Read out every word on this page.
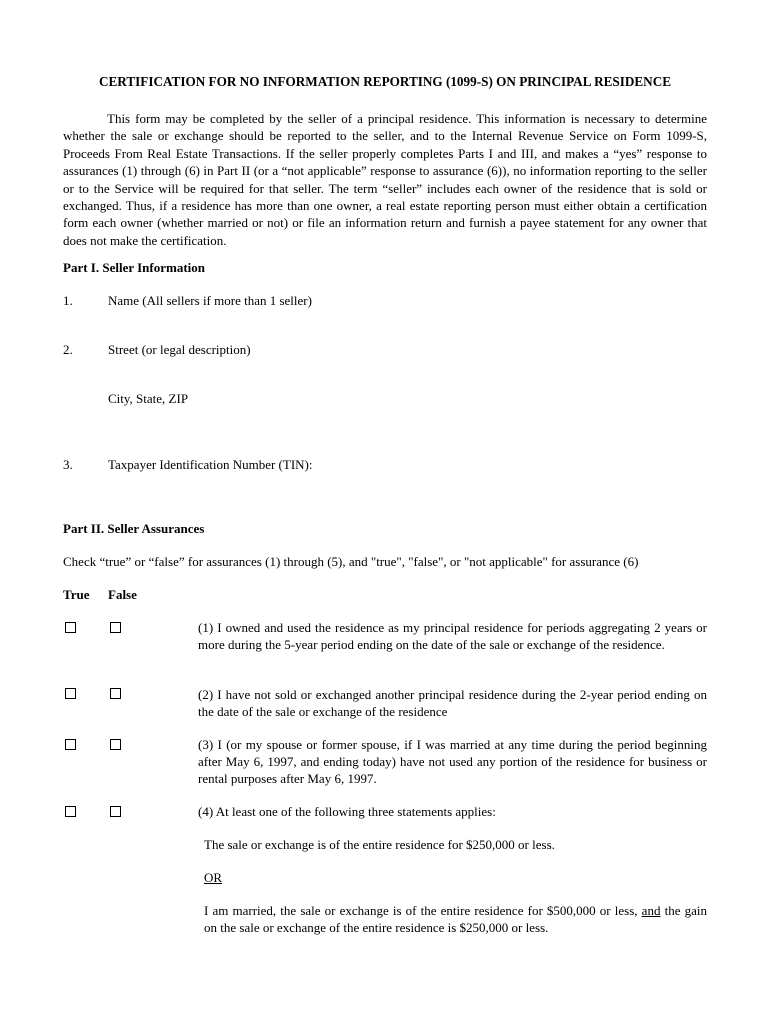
CERTIFICATION FOR NO INFORMATION REPORTING (1099-S) ON PRINCIPAL RESIDENCE
This form may be completed by the seller of a principal residence. This information is necessary to determine whether the sale or exchange should be reported to the seller, and to the Internal Revenue Service on Form 1099-S, Proceeds From Real Estate Transactions. If the seller properly completes Parts I and III, and makes a “yes” response to assurances (1) through (6) in Part II (or a “not applicable” response to assurance (6)), no information reporting to the seller or to the Service will be required for that seller. The term “seller” includes each owner of the residence that is sold or exchanged. Thus, if a residence has more than one owner, a real estate reporting person must either obtain a certification form each owner (whether married or not) or file an information return and furnish a payee statement for any owner that does not make the certification.
Part I. Seller Information
1.	Name (All sellers if more than 1 seller)
2.	Street (or legal description)
City, State, ZIP
3.	Taxpayer Identification Number (TIN):
Part II. Seller Assurances
Check “true” or “false” for assurances (1) through (5), and "true", "false", or "not applicable" for assurance (6)
True False
(1) I owned and used the residence as my principal residence for periods aggregating 2 years or more during the 5-year period ending on the date of the sale or exchange of the residence.
(2) I have not sold or exchanged another principal residence during the 2-year period ending on the date of the sale or exchange of the residence
(3) I (or my spouse or former spouse, if I was married at any time during the period beginning after May 6, 1997, and ending today) have not used any portion of the residence for business or rental purposes after May 6, 1997.
(4) At least one of the following three statements applies:
The sale or exchange is of the entire residence for $250,000 or less.
OR
I am married, the sale or exchange is of the entire residence for $500,000 or less, and the gain on the sale or exchange of the entire residence is $250,000 or less.
